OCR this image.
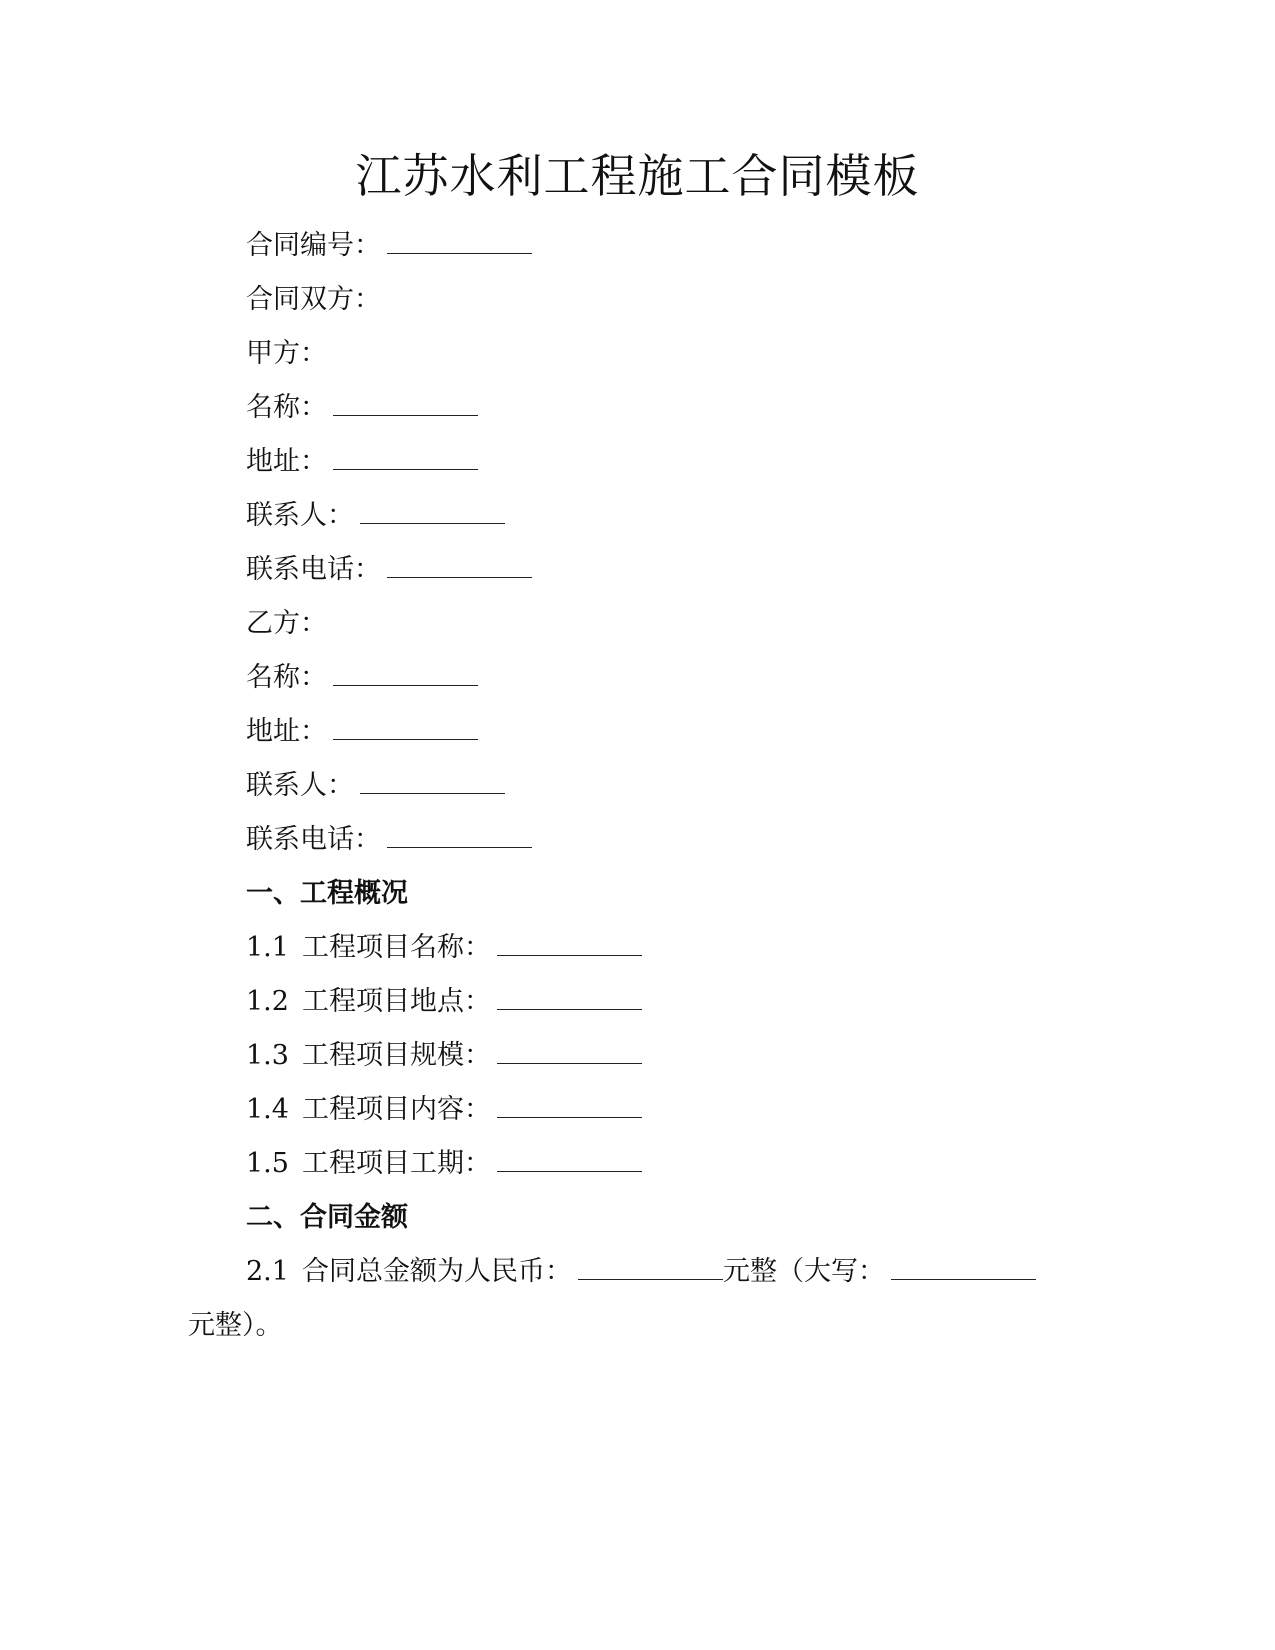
江苏水利工程施工合同模板
合同编号：
合同双方：
甲方：
名称：
地址：
联系人：
联系电话：
乙方：
名称：
地址：
联系人：
联系电话：
一、工程概况
1.1 工程项目名称：
1.2 工程项目地点：
1.3 工程项目规模：
1.4 工程项目内容：
1.5 工程项目工期：
二、合同金额
2.1 合同总金额为人民币：	元整（大写：
元整）。
